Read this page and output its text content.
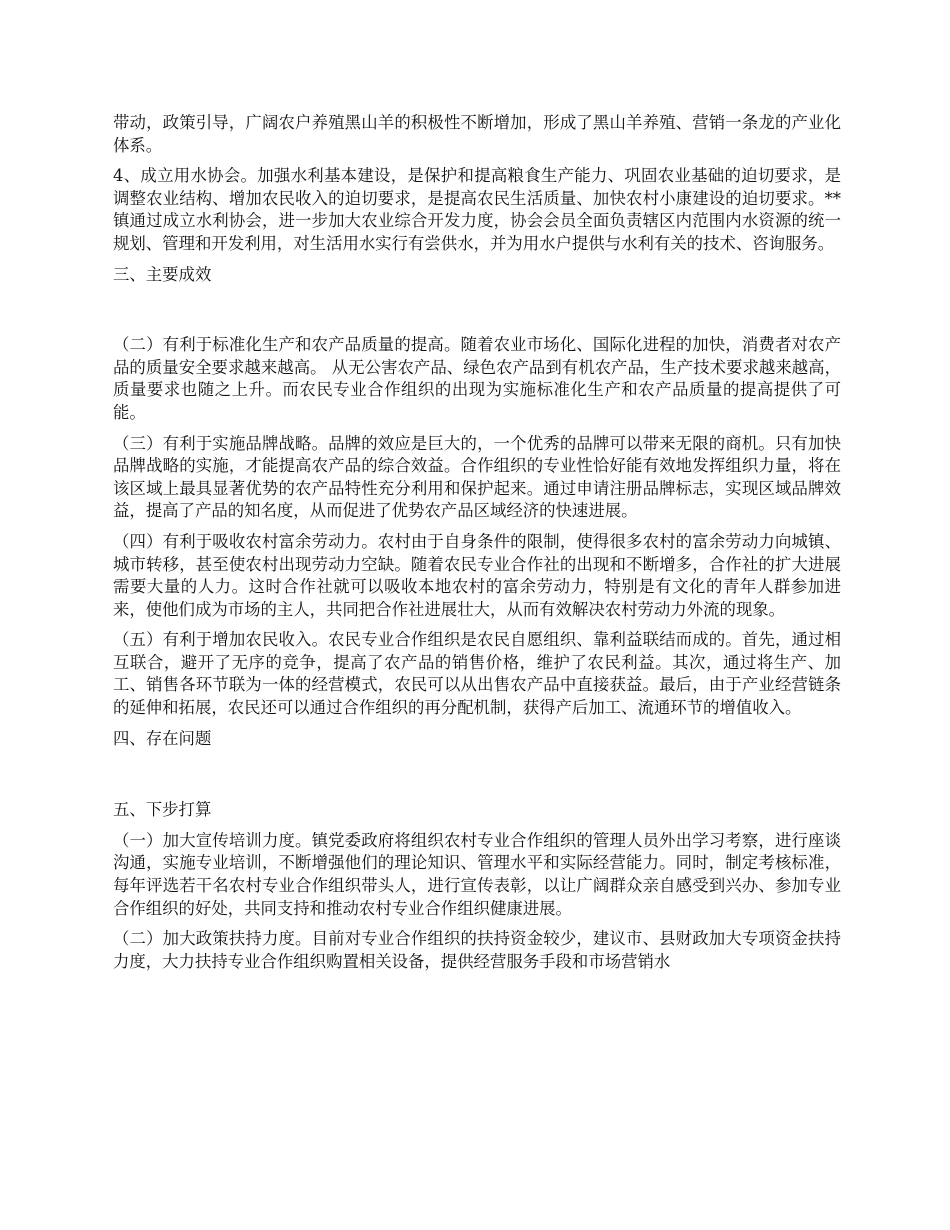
带动，政策引导，广阔农户养殖黑山羊的积极性不断增加，形成了黑山羊养殖、营销一条龙的产业化体系。

4、成立用水协会。加强水利基本建设，是保护和提高粮食生产能力、巩固农业基础的迫切要求，是调整农业结构、增加农民收入的迫切要求，是提高农民生活质量、加快农村小康建设的迫切要求。**镇通过成立水利协会，进一步加大农业综合开发力度，协会会员全面负责辖区内范围内水资源的统一规划、管理和开发利用，对生活用水实行有尝供水，并为用水户提供与水利有关的技术、咨询服务。

三、主要成效

（二）有利于标准化生产和农产品质量的提高。随着农业市场化、国际化进程的加快，消费者对农产品的质量安全要求越来越高。 从无公害农产品、绿色农产品到有机农产品，生产技术要求越来越高，质量要求也随之上升。而农民专业合作组织的出现为实施标准化生产和农产品质量的提高提供了可能。

（三）有利于实施品牌战略。品牌的效应是巨大的，一个优秀的品牌可以带来无限的商机。只有加快品牌战略的实施，才能提高农产品的综合效益。合作组织的专业性恰好能有效地发挥组织力量，将在该区域上最具显著优势的农产品特性充分利用和保护起来。通过申请注册品牌标志，实现区域品牌效益，提高了产品的知名度，从而促进了优势农产品区域经济的快速进展。

（四）有利于吸收农村富余劳动力。农村由于自身条件的限制，使得很多农村的富余劳动力向城镇、城市转移，甚至使农村出现劳动力空缺。随着农民专业合作社的出现和不断增多，合作社的扩大进展需要大量的人力。这时合作社就可以吸收本地农村的富余劳动力，特别是有文化的青年人群参加进来，使他们成为市场的主人，共同把合作社进展壮大，从而有效解决农村劳动力外流的现象。

（五）有利于增加农民收入。农民专业合作组织是农民自愿组织、靠利益联结而成的。首先，通过相互联合，避开了无序的竞争，提高了农产品的销售价格，维护了农民利益。其次，通过将生产、加工、销售各环节联为一体的经营模式，农民可以从出售农产品中直接获益。最后，由于产业经营链条的延伸和拓展，农民还可以通过合作组织的再分配机制，获得产后加工、流通环节的增值收入。

四、存在问题

五、下步打算

（一）加大宣传培训力度。镇党委政府将组织农村专业合作组织的管理人员外出学习考察，进行座谈沟通，实施专业培训，不断增强他们的理论知识、管理水平和实际经营能力。同时，制定考核标准，每年评选若干名农村专业合作组织带头人，进行宣传表彰，以让广阔群众亲自感受到兴办、参加专业合作组织的好处，共同支持和推动农村专业合作组织健康进展。

（二）加大政策扶持力度。目前对专业合作组织的扶持资金较少，建议市、县财政加大专项资金扶持力度，大力扶持专业合作组织购置相关设备，提供经营服务手段和市场营销水
